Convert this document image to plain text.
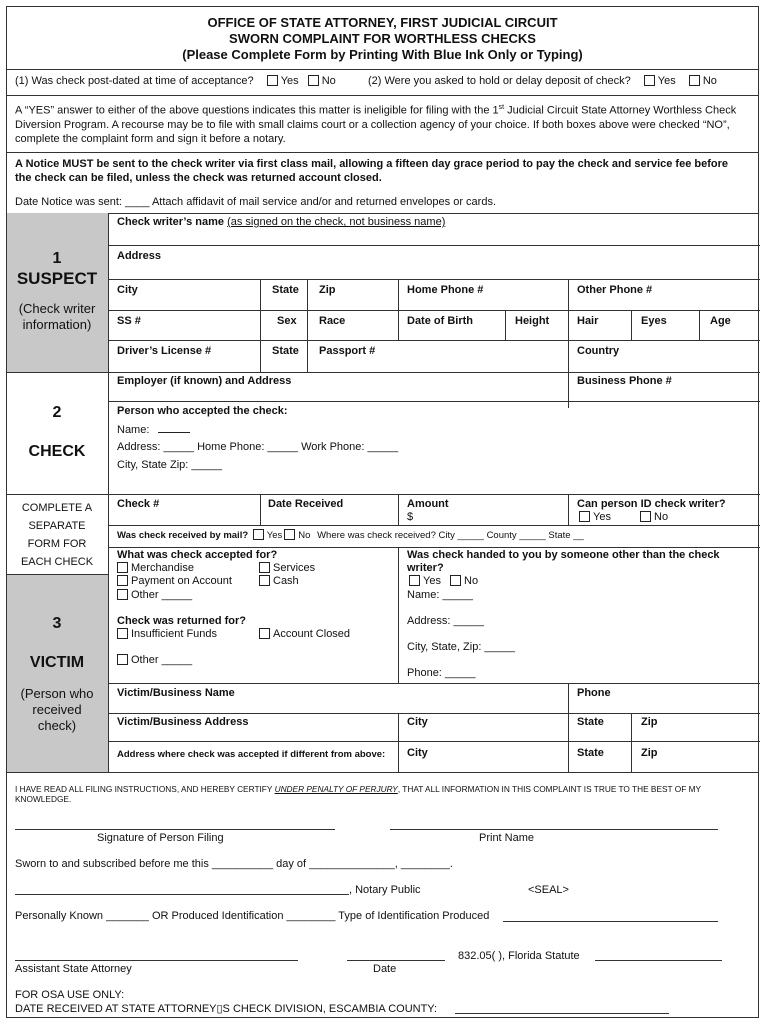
OFFICE OF STATE ATTORNEY, FIRST JUDICIAL CIRCUIT
SWORN COMPLAINT FOR WORTHLESS CHECKS
(Please Complete Form by Printing With Blue Ink Only or Typing)
(1) Was check post-dated at time of acceptance? Yes No	(2) Were you asked to hold or delay deposit of check? Yes No
A “YES” answer to either of the above questions indicates this matter is ineligible for filing with the 1st Judicial Circuit State Attorney Worthless Check
Diversion Program. A recourse may be to file with small claims court or a collection agency of your choice. If both boxes above were checked “NO”,
complete the complaint form and sign it before a notary.
A Notice MUST be sent to the check writer via first class mail, allowing a fifteen day grace period to pay the check and service fee before
the check can be filed, unless the check was returned account closed.
Date Notice was sent: ____ Attach affidavit of mail service and/or and returned envelopes or cards.
1
SUSPECT
(Check writer
information)
2
CHECK
COMPLETE A
SEPARATE
FORM FOR
EACH CHECK
3
VICTIM
(Person who
received
check)
Check writer’s name (as signed on the check, not business name)
Address
City	State Zip	Home Phone #	Other Phone #
SS #	Sex Race	Date of Birth	Height	Hair	Eyes	Age
Driver’s License #	State Passport #	Country
Employer (if known) and Address	Business Phone #
Person who accepted the check:
Name:
Address: _____ Home Phone: _____ Work Phone: _____
City, State Zip: _____
Check #	Date Received	Amount
$
Can person ID check writer?
Yes	No
Was check received by mail? Yes No Where was check received? City _____ County _____ State __
What was check accepted for?
Merchandise	Services
Payment on Account	Cash
Other _____
Check was returned for?
Insufficient Funds	Account Closed
Other _____
Was check handed to you by someone other than the check
writer?
Yes No
Name: _____
Address: _____
City, State, Zip: _____
Phone: _____
Victim/Business Name	Phone
Victim/Business Address	City	State	Zip
Address where check was accepted if different from above: City	State	Zip
I HAVE READ ALL FILING INSTRUCTIONS, AND HEREBY CERTIFY UNDER PENALTY OF PERJURY, THAT ALL INFORMATION IN THIS COMPLAINT IS TRUE TO THE BEST OF MY KNOWLEDGE.
Signature of Person Filing	Print Name
Sworn to and subscribed before me this __________ day of ______________, ________.
, Notary Public	<SEAL>
Personally Known _______ OR Produced Identification ________ Type of Identification Produced
832.05( ), Florida Statute
Assistant State Attorney	Date
FOR OSA USE ONLY:
DATE RECEIVED AT STATE ATTORNEY▯S CHECK DIVISION, ESCAMBIA COUNTY:
